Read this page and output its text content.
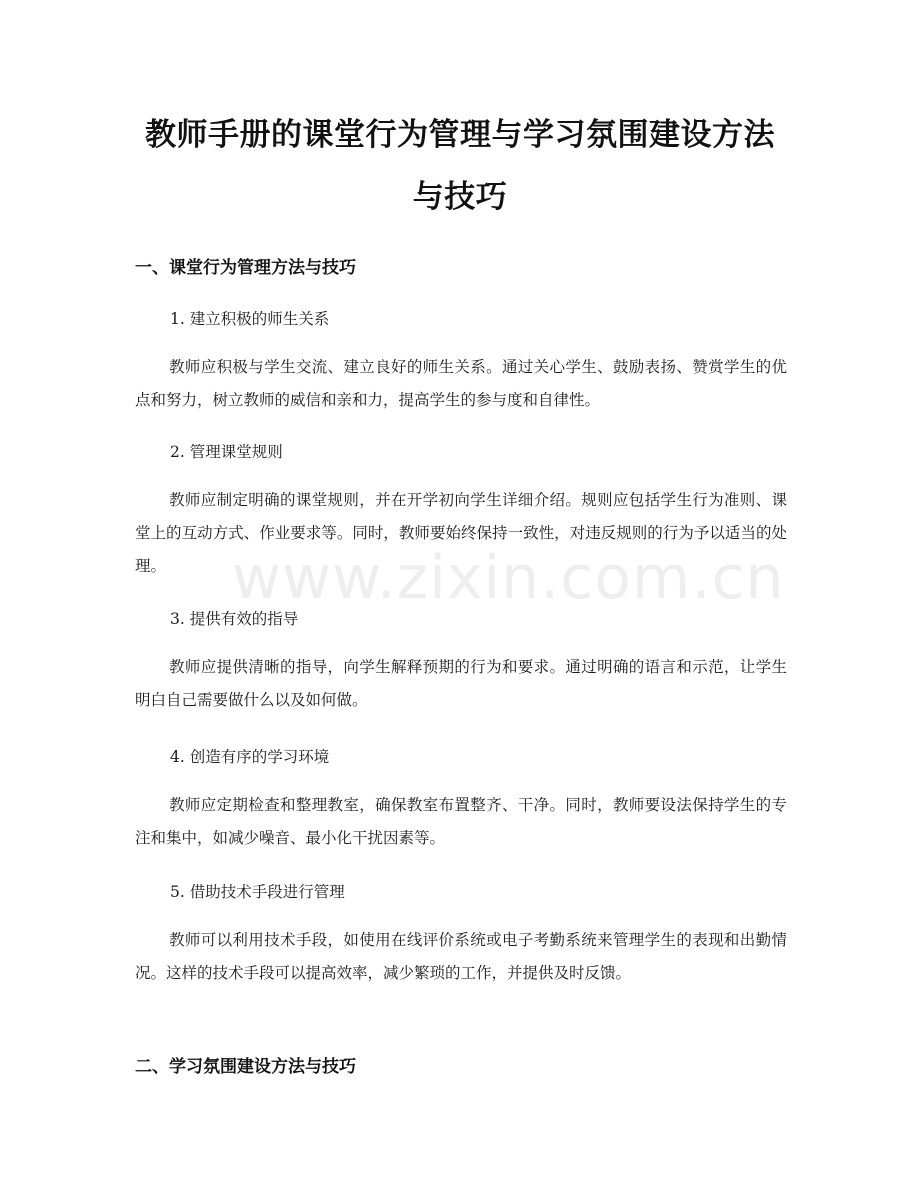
www.zixin.com.cn
教师手册的课堂行为管理与学习氛围建设方法与技巧
一、课堂行为管理方法与技巧
1. 建立积极的师生关系
教师应积极与学生交流、建立良好的师生关系。通过关心学生、鼓励表扬、赞赏学生的优点和努力，树立教师的威信和亲和力，提高学生的参与度和自律性。
2. 管理课堂规则
教师应制定明确的课堂规则，并在开学初向学生详细介绍。规则应包括学生行为准则、课堂上的互动方式、作业要求等。同时，教师要始终保持一致性，对违反规则的行为予以适当的处理。
3. 提供有效的指导
教师应提供清晰的指导，向学生解释预期的行为和要求。通过明确的语言和示范，让学生明白自己需要做什么以及如何做。
4. 创造有序的学习环境
教师应定期检查和整理教室，确保教室布置整齐、干净。同时，教师要设法保持学生的专注和集中，如减少噪音、最小化干扰因素等。
5. 借助技术手段进行管理
教师可以利用技术手段，如使用在线评价系统或电子考勤系统来管理学生的表现和出勤情况。这样的技术手段可以提高效率，减少繁琐的工作，并提供及时反馈。
二、学习氛围建设方法与技巧
